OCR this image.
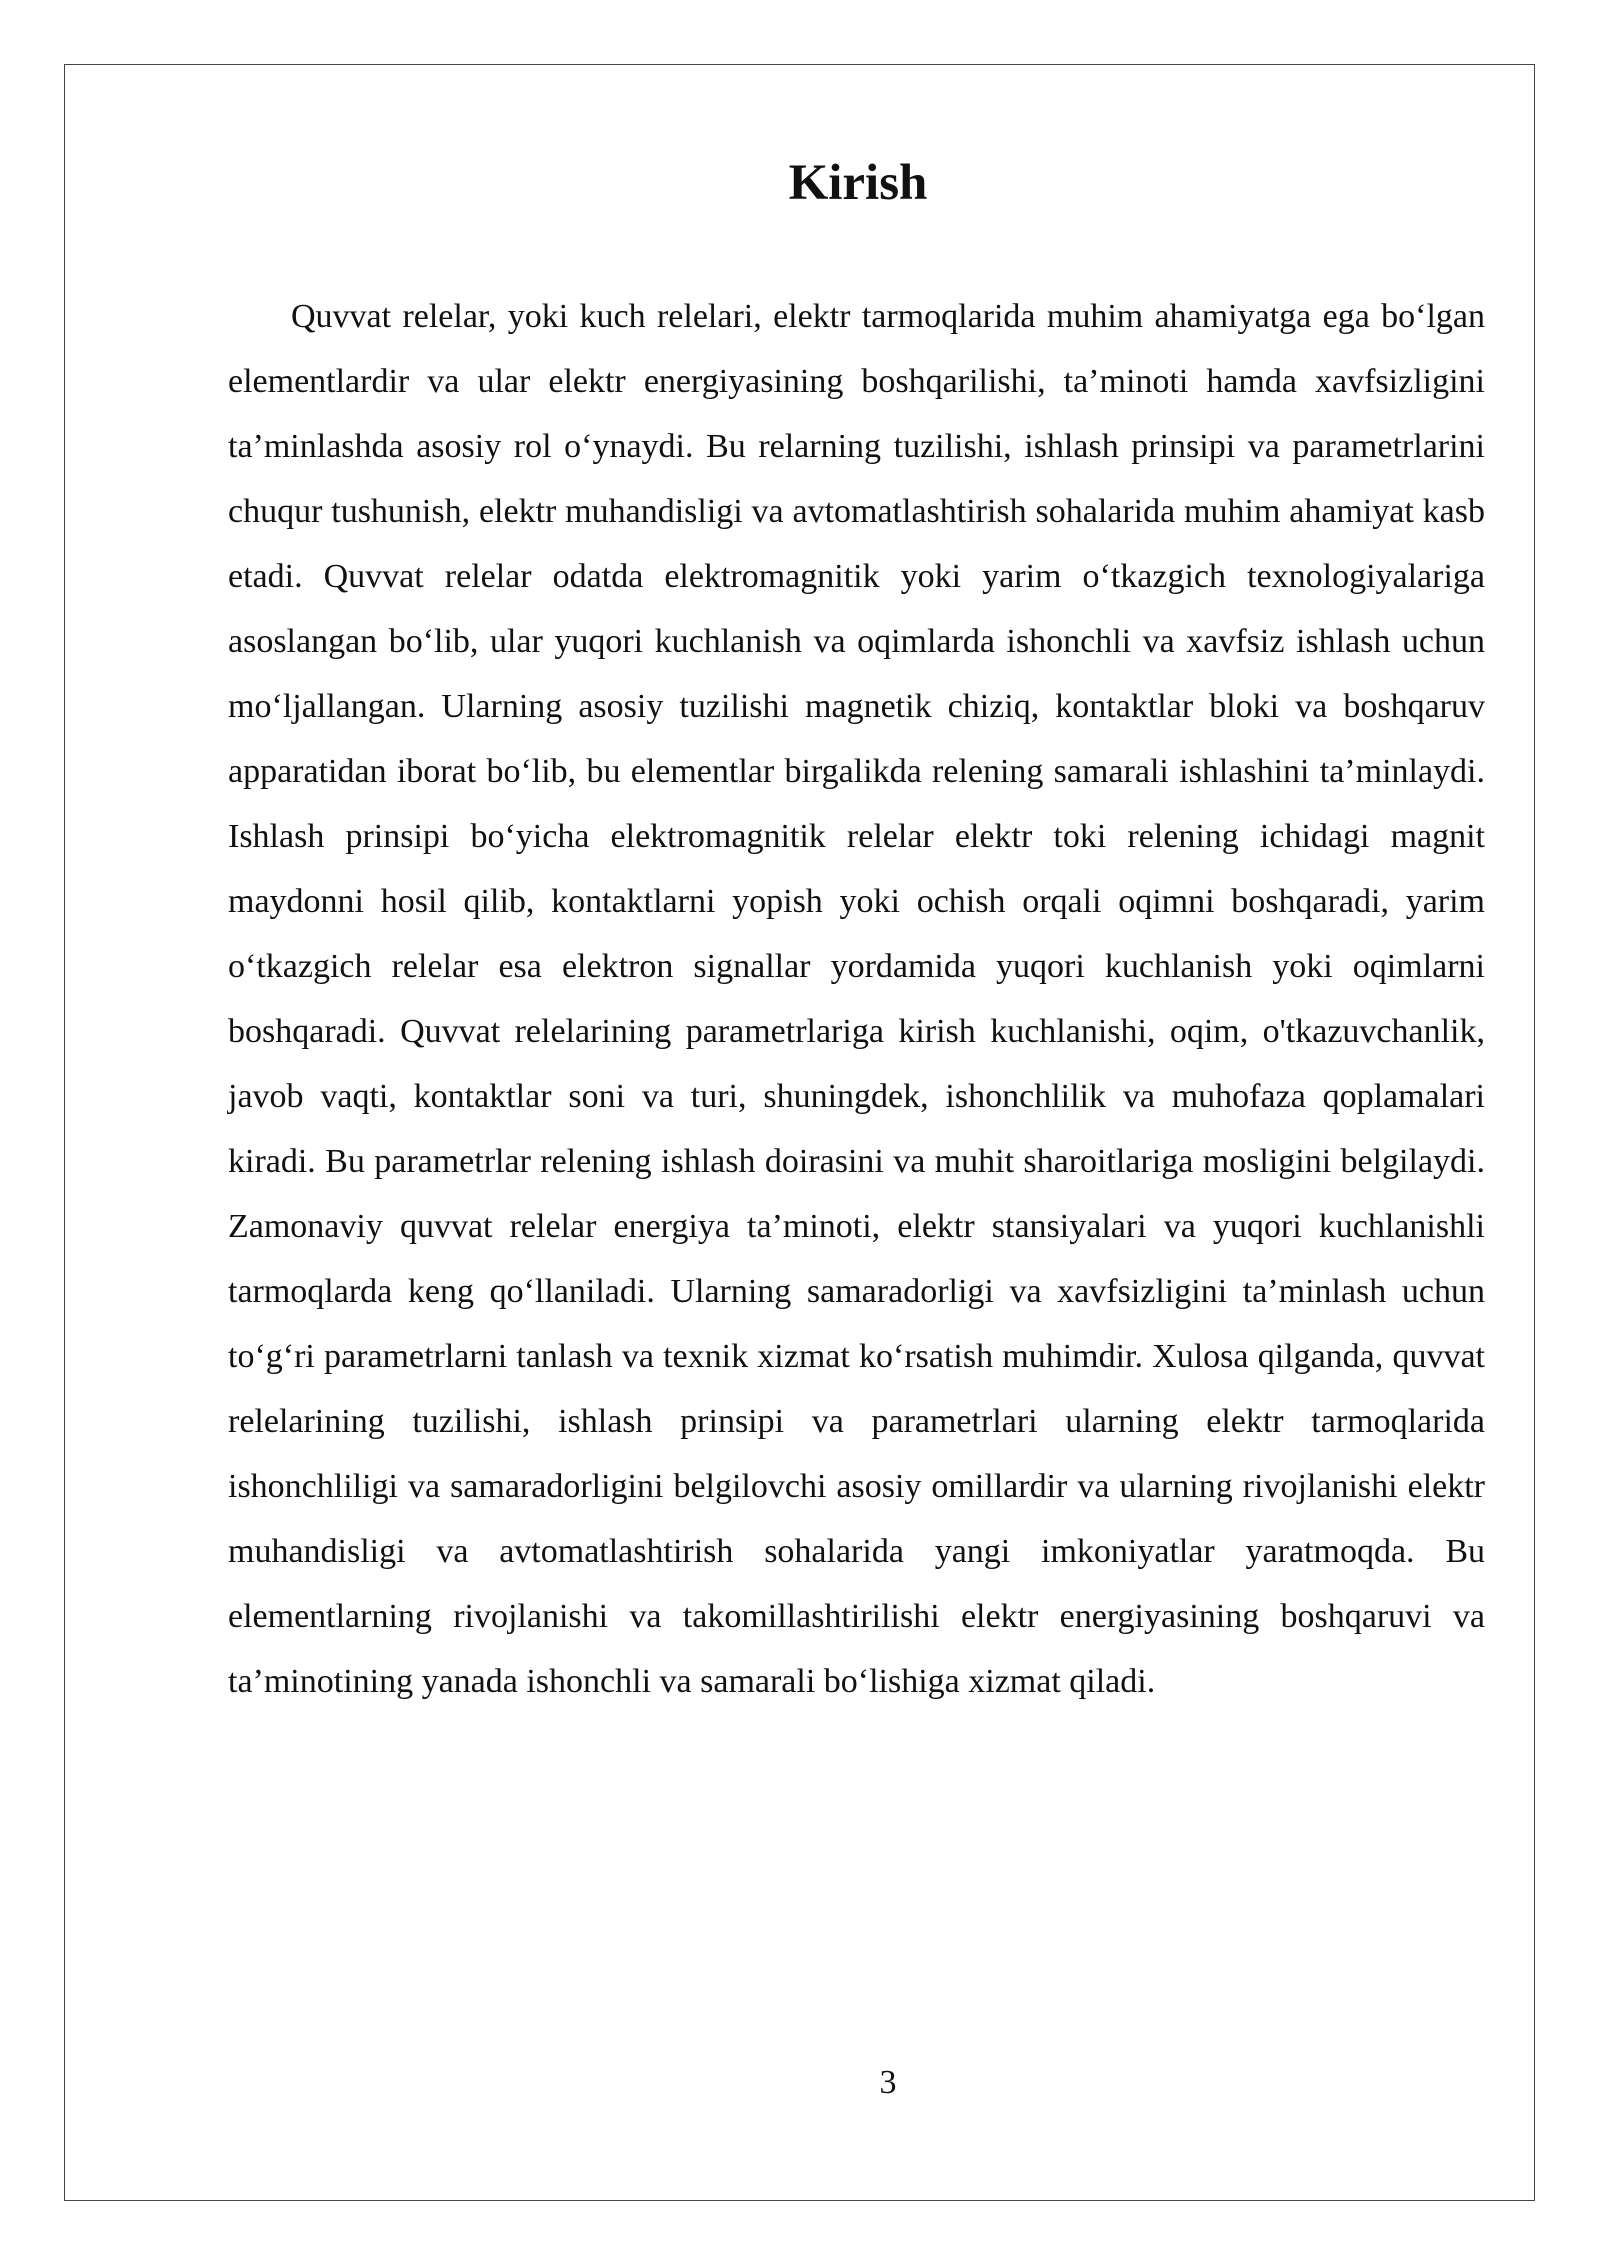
Kirish

Quvvat relelar, yoki kuch relelari, elektr tarmoqlarida muhim ahamiyatga ega bo‘lgan elementlardir va ular elektr energiyasining boshqarilishi, ta’minoti hamda xavfsizligini ta’minlashda asosiy rol o‘ynaydi. Bu relarning tuzilishi, ishlash prinsipi va parametrlarini chuqur tushunish, elektr muhandisligi va avtomatlashtirish sohalarida muhim ahamiyat kasb etadi. Quvvat relelar odatda elektromagnitik yoki yarim o‘tkazgich texnologiyalariga asoslangan bo‘lib, ular yuqori kuchlanish va oqimlarda ishonchli va xavfsiz ishlash uchun mo‘ljallangan. Ularning asosiy tuzilishi magnetik chiziq, kontaktlar bloki va boshqaruv apparatidan iborat bo‘lib, bu elementlar birgalikda relening samarali ishlashini ta’minlaydi. Ishlash prinsipi bo‘yicha elektromagnitik relelar elektr toki relening ichidagi magnit maydonni hosil qilib, kontaktlarni yopish yoki ochish orqali oqimni boshqaradi, yarim o‘tkazgich relelar esa elektron signallar yordamida yuqori kuchlanish yoki oqimlarni boshqaradi. Quvvat relelarining parametrlariga kirish kuchlanishi, oqim, o'tkazuvchanlik, javob vaqti, kontaktlar soni va turi, shuningdek, ishonchlilik va muhofaza qoplamalari kiradi. Bu parametrlar relening ishlash doirasini va muhit sharoitlariga mosligini belgilaydi. Zamonaviy quvvat relelar energiya ta’minoti, elektr stansiyalari va yuqori kuchlanishli tarmoqlarda keng qo‘llaniladi. Ularning samaradorligi va xavfsizligini ta’minlash uchun to‘g‘ri parametrlarni tanlash va texnik xizmat ko‘rsatish muhimdir. Xulosa qilganda, quvvat relelarining tuzilishi, ishlash prinsipi va parametrlari ularning elektr tarmoqlarida ishonchliligi va samaradorligini belgilovchi asosiy omillardir va ularning rivojlanishi elektr muhandisligi va avtomatlashtirish sohalarida yangi imkoniyatlar yaratmoqda. Bu elementlarning rivojlanishi va takomillashtirilishi elektr energiyasining boshqaruvi va ta’minotining yanada ishonchli va samarali bo‘lishiga xizmat qiladi.

3
